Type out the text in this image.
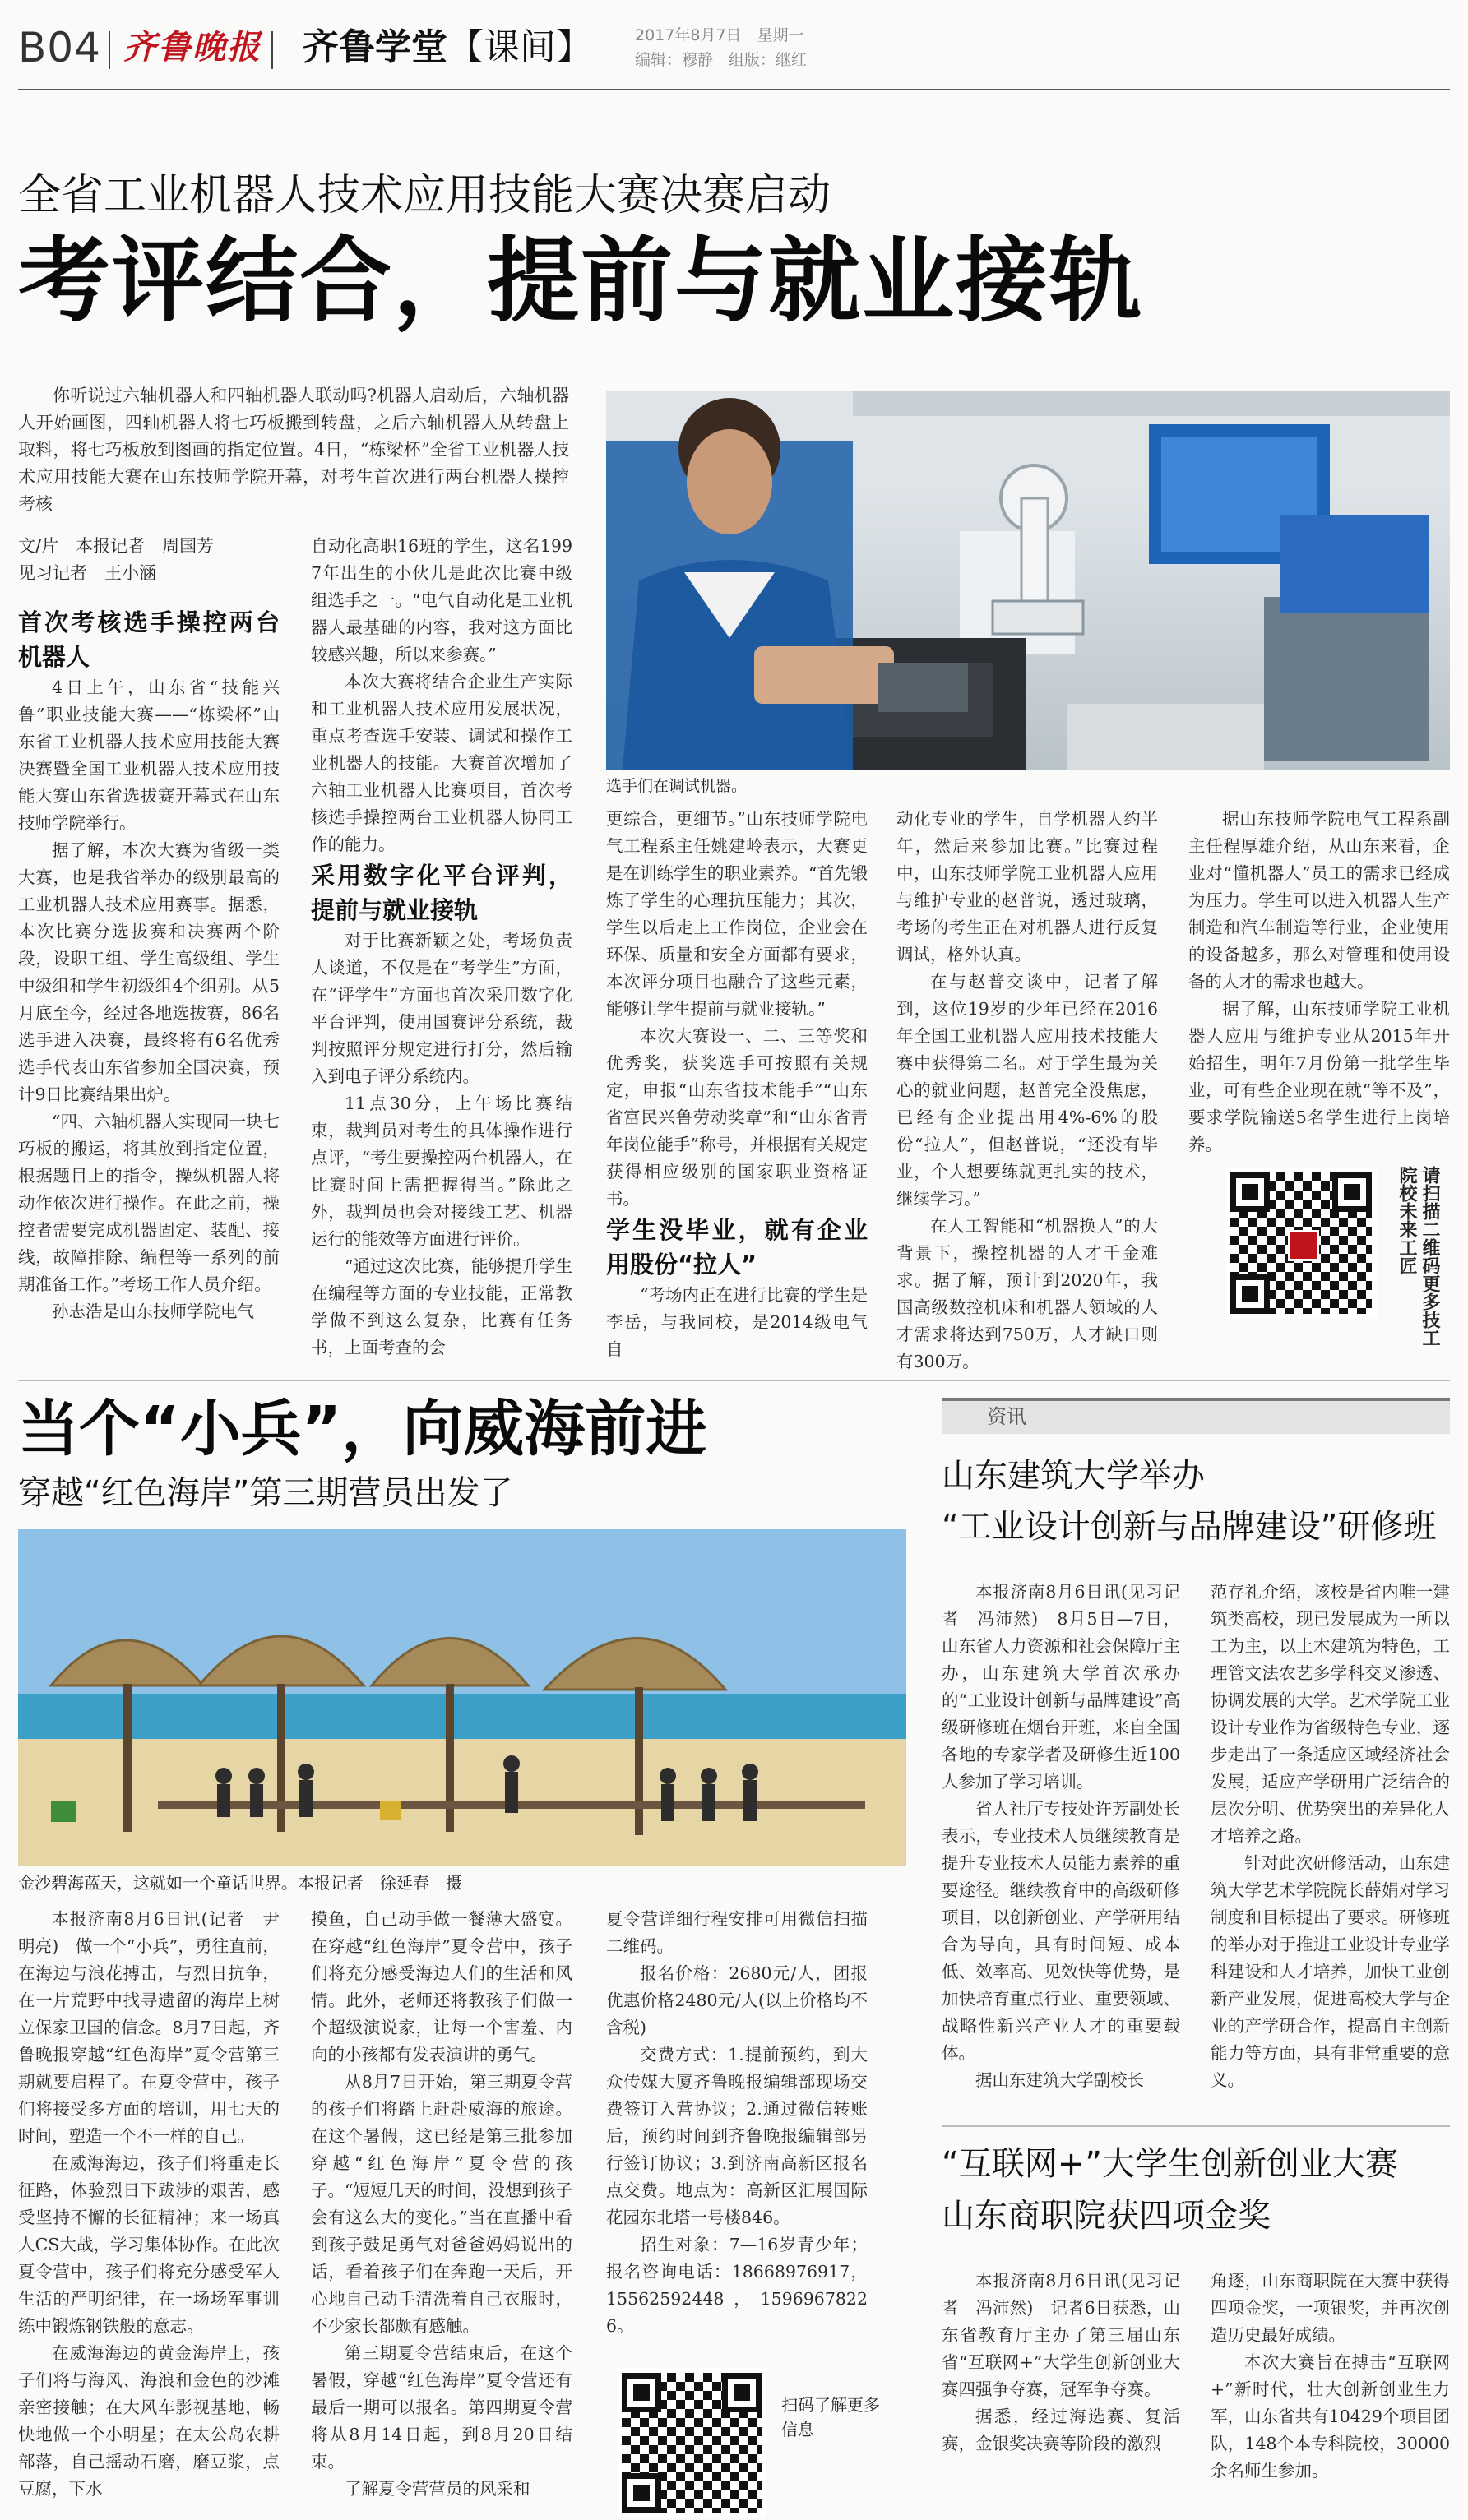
B04 齐鲁晚报 齐鲁学堂【课间】	2017年8月7日　星期一
编辑：穆静　组版：继红
全省工业机器人技术应用技能大赛决赛启动
考评结合，提前与就业接轨

你听说过六轴机器人和四轴机器人联动吗?机器人启动后，六轴机器人开始画图，四轴机器人将七巧板搬到转盘，之后六轴机器人从转盘上取料，将七巧板放到图画的指定位置。4日，“栋梁杯”全省工业机器人技术应用技能大赛在山东技师学院开幕，对考生首次进行两台机器人操控考核

选手们在调试机器。

文/片　本报记者　周国芳

见习记者　王小涵

首次考核选手操控两台机器人

4日上午，山东省“技能兴鲁”职业技能大赛——“栋梁杯”山东省工业机器人技术应用技能大赛决赛暨全国工业机器人技术应用技能大赛山东省选拔赛开幕式在山东技师学院举行。

据了解，本次大赛为省级一类大赛，也是我省举办的级别最高的工业机器人技术应用赛事。据悉，本次比赛分选拔赛和决赛两个阶段，设职工组、学生高级组、学生中级组和学生初级组4个组别。从5月底至今，经过各地选拔赛，86名选手进入决赛，最终将有6名优秀选手代表山东省参加全国决赛，预计9日比赛结果出炉。

“四、六轴机器人实现同一块七巧板的搬运，将其放到指定位置，根据题目上的指令，操纵机器人将动作依次进行操作。在此之前，操控者需要完成机器固定、装配、接线，故障排除、编程等一系列的前期准备工作。”考场工作人员介绍。

孙志浩是山东技师学院电气

自动化高职16班的学生，这名1997年出生的小伙儿是此次比赛中级组选手之一。“电气自动化是工业机器人最基础的内容，我对这方面比较感兴趣，所以来参赛。”

本次大赛将结合企业生产实际和工业机器人技术应用发展状况，重点考查选手安装、调试和操作工业机器人的技能。大赛首次增加了六轴工业机器人比赛项目，首次考核选手操控两台工业机器人协同工作的能力。

采用数字化平台评判，提前与就业接轨

对于比赛新颖之处，考场负责人谈道，不仅是在“考学生”方面，在“评学生”方面也首次采用数字化平台评判，使用国赛评分系统，裁判按照评分规定进行打分，然后输入到电子评分系统内。

11点30分，上午场比赛结束，裁判员对考生的具体操作进行点评，“考生要操控两台机器人，在比赛时间上需把握得当。”除此之外，裁判员也会对接线工艺、机器运行的能效等方面进行评价。

“通过这次比赛，能够提升学生在编程等方面的专业技能，正常教学做不到这么复杂，比赛有任务书，上面考查的会

更综合，更细节。”山东技师学院电气工程系主任姚建岭表示，大赛更是在训练学生的职业素养。“首先锻炼了学生的心理抗压能力；其次，学生以后走上工作岗位，企业会在环保、质量和安全方面都有要求，本次评分项目也融合了这些元素，能够让学生提前与就业接轨。”

本次大赛设一、二、三等奖和优秀奖，获奖选手可按照有关规定，申报“山东省技术能手”“山东省富民兴鲁劳动奖章”和“山东省青年岗位能手”称号，并根据有关规定获得相应级别的国家职业资格证书。

学生没毕业，就有企业用股份“拉人”

“考场内正在进行比赛的学生是李岳，与我同校，是2014级电气自

动化专业的学生，自学机器人约半年，然后来参加比赛。”比赛过程中，山东技师学院工业机器人应用与维护专业的赵普说，透过玻璃，考场的考生正在对机器人进行反复调试，格外认真。

在与赵普交谈中，记者了解到，这位19岁的少年已经在2016年全国工业机器人应用技术技能大赛中获得第二名。对于学生最为关心的就业问题，赵普完全没焦虑，已经有企业提出用4%-6%的股份“拉人”，但赵普说，“还没有毕业，个人想要练就更扎实的技术，继续学习。”

在人工智能和“机器换人”的大背景下，操控机器的人才千金难求。据了解，预计到2020年，我国高级数控机床和机器人领域的人才需求将达到750万，人才缺口则有300万。

据山东技师学院电气工程系副主任程厚雄介绍，从山东来看，企业对“懂机器人”员工的需求已经成为压力。学生可以进入机器人生产制造和汽车制造等行业，企业使用的设备越多，那么对管理和使用设备的人才的需求也越大。

据了解，山东技师学院工业机器人应用与维护专业从2015年开始招生，明年7月份第一批学生毕业，可有些企业现在就“等不及”，要求学院输送5名学生进行上岗培养。

请扫描二维码更多技工院校未来工匠
当个“小兵”，向威海前进
穿越“红色海岸”第三期营员出发了
金沙碧海蓝天，这就如一个童话世界。本报记者　徐延春　摄

本报济南8月6日讯(记者　尹明亮)　做一个“小兵”，勇往直前，在海边与浪花搏击，与烈日抗争，在一片荒野中找寻遗留的海岸上树立保家卫国的信念。8月7日起，齐鲁晚报穿越“红色海岸”夏令营第三期就要启程了。在夏令营中，孩子们将接受多方面的培训，用七天的时间，塑造一个不一样的自己。

在威海海边，孩子们将重走长征路，体验烈日下跋涉的艰苦，感受坚持不懈的长征精神；来一场真人CS大战，学习集体协作。在此次夏令营中，孩子们将充分感受军人生活的严明纪律，在一场场军事训练中锻炼钢铁般的意志。

在威海海边的黄金海岸上，孩子们将与海风、海浪和金色的沙滩亲密接触；在大风车影视基地，畅快地做一个小明星；在太公岛农耕部落，自己摇动石磨，磨豆浆，点豆腐，下水

摸鱼，自己动手做一餐薄大盛宴。在穿越“红色海岸”夏令营中，孩子们将充分感受海边人们的生活和风情。此外，老师还将教孩子们做一个超级演说家，让每一个害羞、内向的小孩都有发表演讲的勇气。

从8月7日开始，第三期夏令营的孩子们将踏上赶赴威海的旅途。在这个暑假，这已经是第三批参加穿越“红色海岸”夏令营的孩子。“短短几天的时间，没想到孩子会有这么大的变化。”当在直播中看到孩子鼓足勇气对爸爸妈妈说出的话，看着孩子们在奔跑一天后，开心地自己动手清洗着自己衣服时，不少家长都颇有感触。

第三期夏令营结束后，在这个暑假，穿越“红色海岸”夏令营还有最后一期可以报名。第四期夏令营将从8月14日起，到8月20日结束。

了解夏令营营员的风采和

夏令营详细行程安排可用微信扫描二维码。

报名价格：2680元/人，团报优惠价格2480元/人(以上价格均不含税)

交费方式：1.提前预约，到大众传媒大厦齐鲁晚报编辑部现场交费签订入营协议；2.通过微信转账后，预约时间到齐鲁晚报编辑部另行签订协议；3.到济南高新区报名点交费。地点为：高新区汇展国际花园东北塔一号楼846。

招生对象：7—16岁青少年；报名咨询电话：18668976917，15562592448，15969678226。

扫码了解更多信息
资讯
山东建筑大学举办
“工业设计创新与品牌建设”研修班

本报济南8月6日讯(见习记者　冯沛然)　8月5日—7日，山东省人力资源和社会保障厅主办，山东建筑大学首次承办的“工业设计创新与品牌建设”高级研修班在烟台开班，来自全国各地的专家学者及研修生近100人参加了学习培训。

省人社厅专技处许芳副处长表示，专业技术人员继续教育是提升专业技术人员能力素养的重要途径。继续教育中的高级研修项目，以创新创业、产学研用结合为导向，具有时间短、成本低、效率高、见效快等优势，是加快培育重点行业、重要领域、战略性新兴产业人才的重要载体。

据山东建筑大学副校长

范存礼介绍，该校是省内唯一建筑类高校，现已发展成为一所以工为主，以土木建筑为特色，工理管文法农艺多学科交叉渗透、协调发展的大学。艺术学院工业设计专业作为省级特色专业，逐步走出了一条适应区域经济社会发展，适应产学研用广泛结合的层次分明、优势突出的差异化人才培养之路。

针对此次研修活动，山东建筑大学艺术学院院长薛娟对学习制度和目标提出了要求。研修班的举办对于推进工业设计专业学科建设和人才培养，加快工业创新产业发展，促进高校大学与企业的产学研合作，提高自主创新能力等方面，具有非常重要的意义。

“互联网+”大学生创新创业大赛
山东商职院获四项金奖

本报济南8月6日讯(见习记者　冯沛然)　记者6日获悉，山东省教育厅主办了第三届山东省“互联网+”大学生创新创业大赛四强争夺赛，冠军争夺赛。

据悉，经过海选赛、复活赛，金银奖决赛等阶段的激烈

角逐，山东商职院在大赛中获得四项金奖，一项银奖，并再次创造历史最好成绩。

本次大赛旨在搏击“互联网+”新时代，壮大创新创业生力军，山东省共有10429个项目团队，148个本专科院校，30000余名师生参加。
